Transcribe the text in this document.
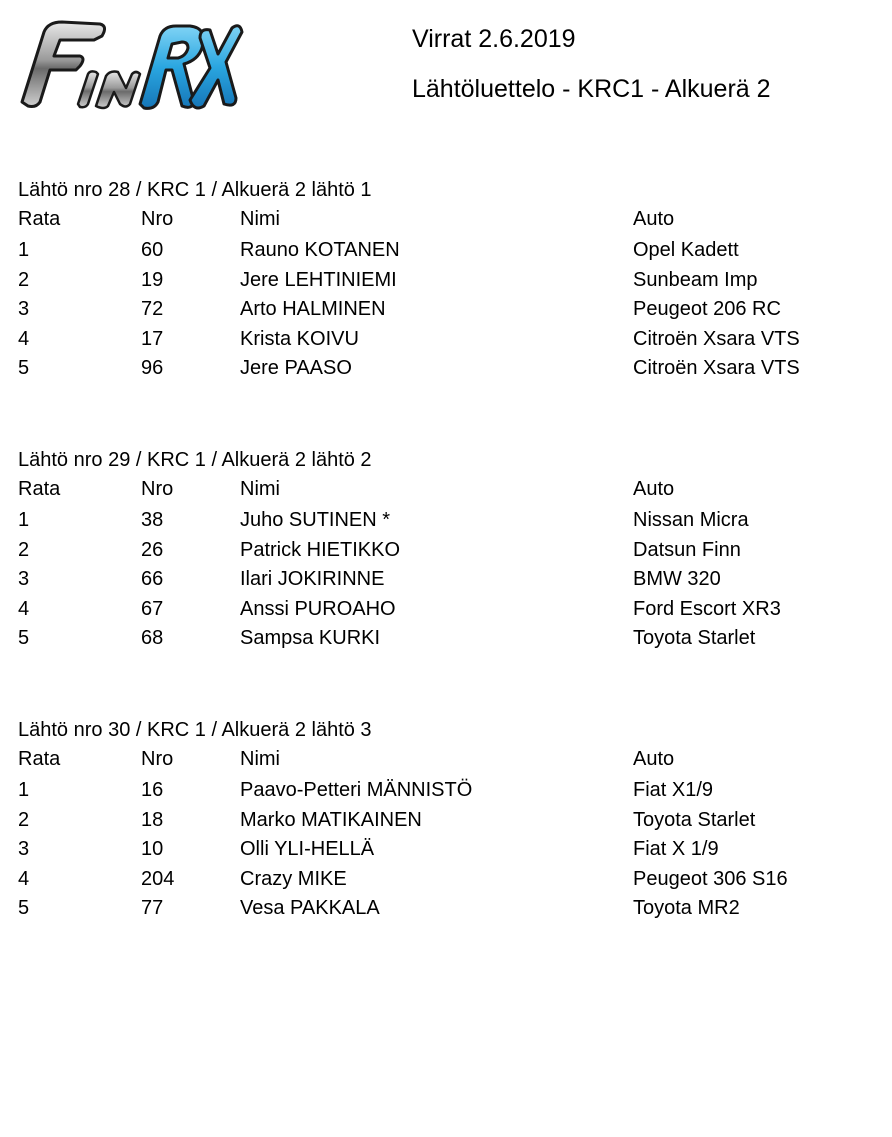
Virrat 2.6.2019
Lähtöluettelo - KRC1 - Alkuerä 2
Lähtö nro 28 / KRC 1 / Alkuerä 2 lähtö 1
Rata	Nro	Nimi	Auto
1	60	Rauno KOTANEN	Opel Kadett
2	19	Jere LEHTINIEMI	Sunbeam Imp
3	72	Arto HALMINEN	Peugeot 206 RC
4	17	Krista KOIVU	Citroën Xsara VTS
5	96	Jere PAASO	Citroën Xsara VTS
Lähtö nro 29 / KRC 1 / Alkuerä 2 lähtö 2
Rata	Nro	Nimi	Auto
1	38	Juho SUTINEN *	Nissan Micra
2	26	Patrick HIETIKKO	Datsun Finn
3	66	Ilari JOKIRINNE	BMW 320
4	67	Anssi PUROAHO	Ford Escort XR3
5	68	Sampsa KURKI	Toyota Starlet
Lähtö nro 30 / KRC 1 / Alkuerä 2 lähtö 3
Rata	Nro	Nimi	Auto
1	16	Paavo-Petteri MÄNNISTÖ	Fiat X1/9
2	18	Marko MATIKAINEN	Toyota Starlet
3	10	Olli YLI-HELLÄ	Fiat X 1/9
4	204	Crazy MIKE	Peugeot 306 S16
5	77	Vesa PAKKALA	Toyota MR2
